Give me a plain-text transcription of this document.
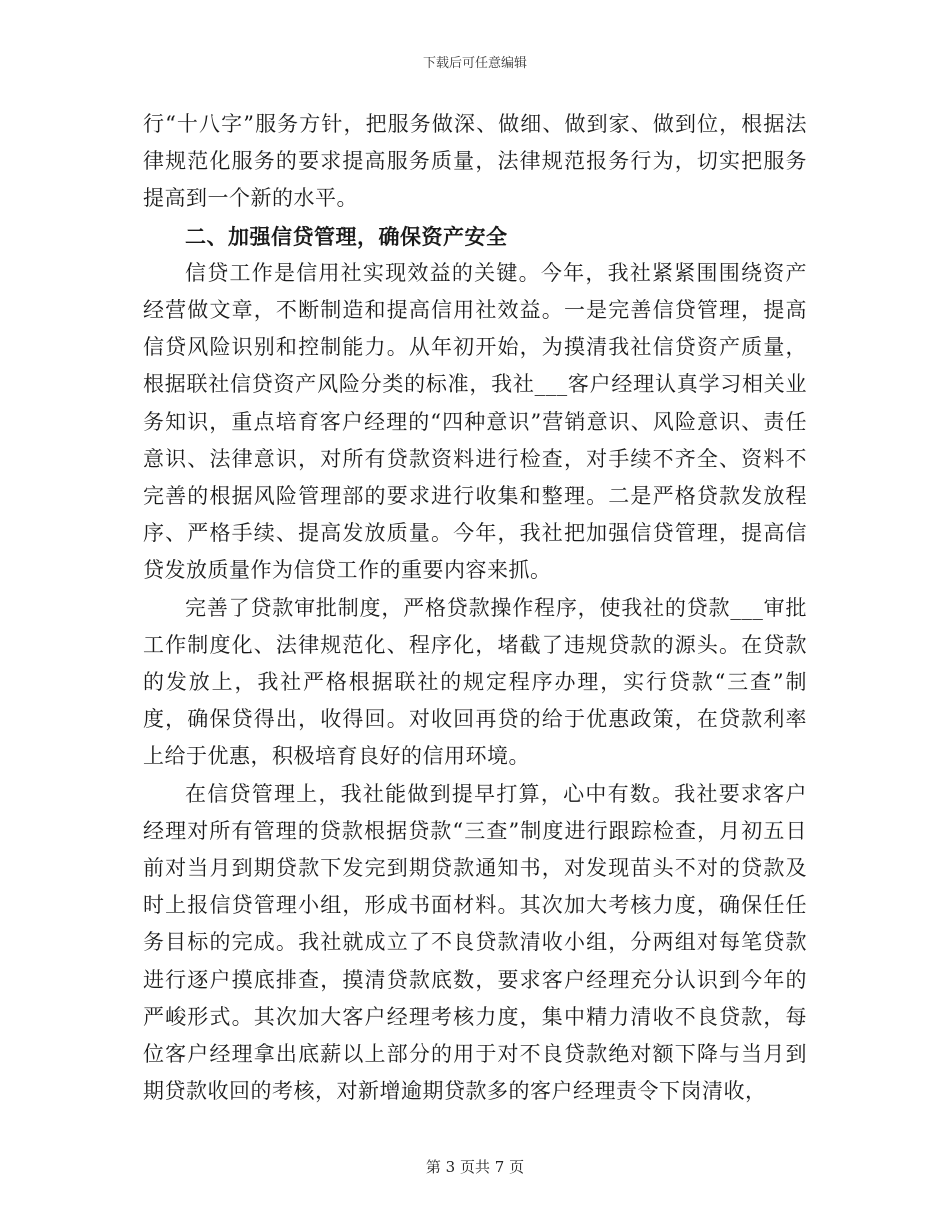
下载后可任意编辑

行“十八字”服务方针，把服务做深、做细、做到家、做到位，根据法律规范化服务的要求提高服务质量，法律规范报务行为，切实把服务提高到一个新的水平。

二、加强信贷管理，确保资产安全

信贷工作是信用社实现效益的关键。今年，我社紧紧围围绕资产经营做文章，不断制造和提高信用社效益。一是完善信贷管理，提高信贷风险识别和控制能力。从年初开始，为摸清我社信贷资产质量，根据联社信贷资产风险分类的标准，我社___客户经理认真学习相关业务知识，重点培育客户经理的“四种意识”营销意识、风险意识、责任意识、法律意识，对所有贷款资料进行检查，对手续不齐全、资料不完善的根据风险管理部的要求进行收集和整理。二是严格贷款发放程序、严格手续、提高发放质量。今年，我社把加强信贷管理，提高信贷发放质量作为信贷工作的重要内容来抓。

完善了贷款审批制度，严格贷款操作程序，使我社的贷款___审批工作制度化、法律规范化、程序化，堵截了违规贷款的源头。在贷款的发放上，我社严格根据联社的规定程序办理，实行贷款“三查”制度，确保贷得出，收得回。对收回再贷的给于优惠政策，在贷款利率上给于优惠，积极培育良好的信用环境。

在信贷管理上，我社能做到提早打算，心中有数。我社要求客户经理对所有管理的贷款根据贷款“三查”制度进行跟踪检查，月初五日前对当月到期贷款下发完到期贷款通知书，对发现苗头不对的贷款及时上报信贷管理小组，形成书面材料。其次加大考核力度，确保任任务目标的完成。我社就成立了不良贷款清收小组，分两组对每笔贷款进行逐户摸底排查，摸清贷款底数，要求客户经理充分认识到今年的严峻形式。其次加大客户经理考核力度，集中精力清收不良贷款，每位客户经理拿出底薪以上部分的用于对不良贷款绝对额下降与当月到期贷款收回的考核，对新增逾期贷款多的客户经理责令下岗清收，

第 3 页共 7 页
